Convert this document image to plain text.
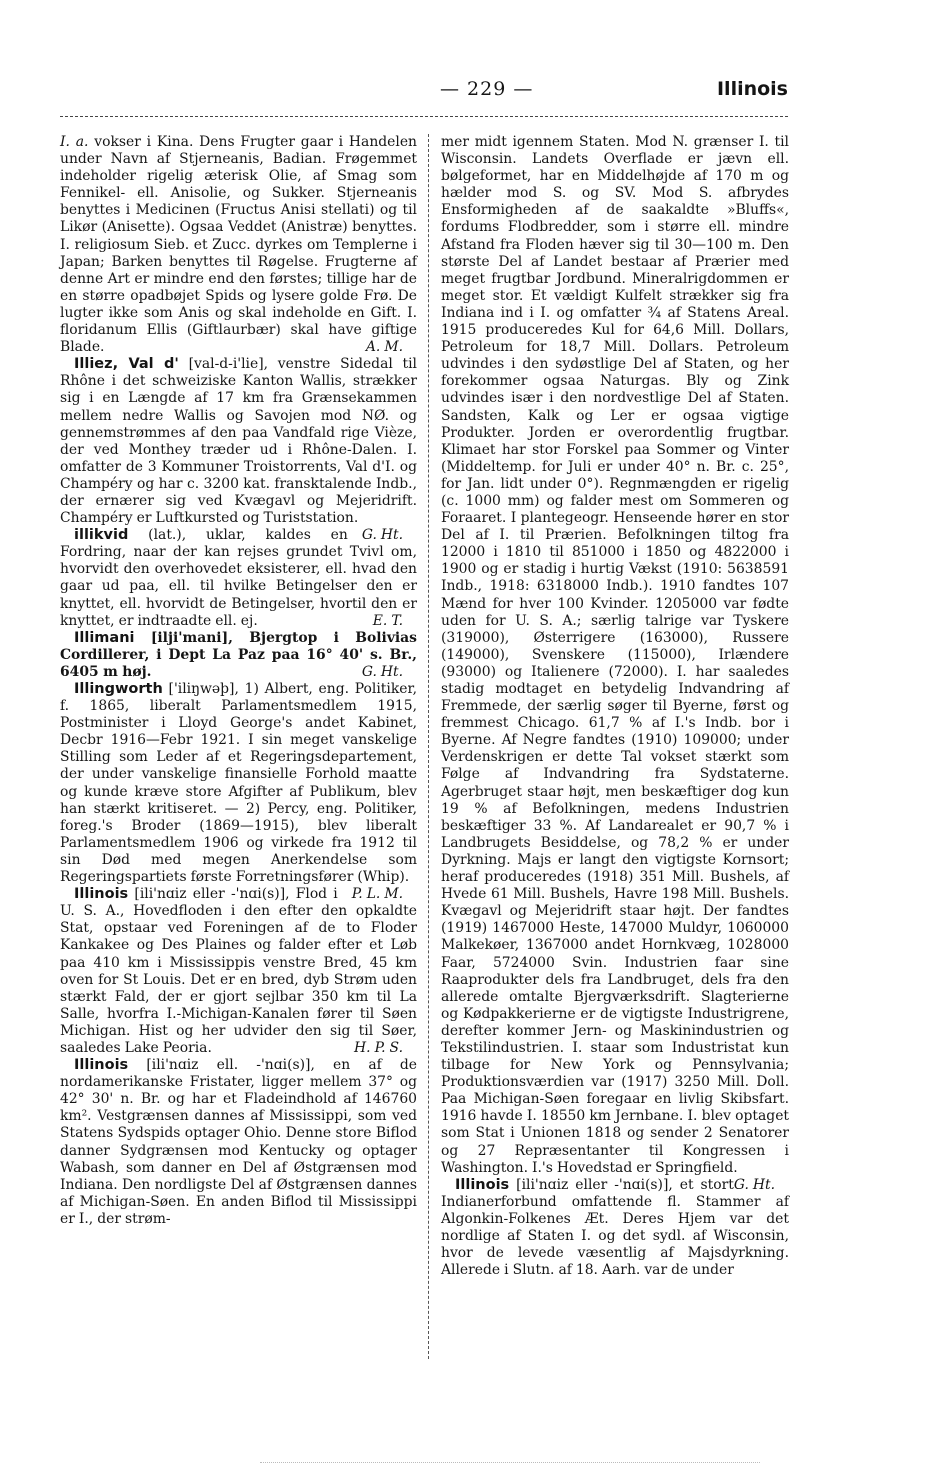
— 229 —	Illinois

I. a. vokser i Kina. Dens Frugter gaar i Handelen under Navn af Stjerneanis, Badian. Frøgemmet indeholder rigelig æterisk Olie, af Smag som Fennikel- ell. Anisolie, og Sukker. Stjerneanis benyttes i Medicinen (Fructus Anisi stellati) og til Likør (Anisette). Ogsaa Veddet (Anistræ) benyttes. I. religiosum Sieb. et Zucc. dyrkes om Templerne i Japan; Barken benyttes til Røgelse. Frugterne af denne Art er mindre end den førstes; tillige har de en større opadbøjet Spids og lysere golde Frø. De lugter ikke som Anis og skal indeholde en Gift. I. floridanum Ellis (Giftlaurbær) skal have giftige Blade.	A. M.

Illiez, Val d' [val-d-i'lie], venstre Sidedal til Rhône i det schweiziske Kanton Wallis, strækker sig i en Længde af 17 km fra Grænsekammen mellem nedre Wallis og Savojen mod NØ. og gennemstrømmes af den paa Vandfald rige Vièze, der ved Monthey træder ud i Rhône-Dalen. I. omfatter de 3 Kommuner Troistorrents, Val d'I. og Champéry og har c. 3200 kat. fransktalende Indb., der ernærer sig ved Kvægavl og Mejeridrift. Champéry er Luftkursted og Turiststation.
G. Ht.

illikvid (lat.), uklar, kaldes en Fordring, naar der kan rejses grundet Tvivl om, hvorvidt den overhovedet eksisterer, ell. hvad den gaar ud paa, ell. til hvilke Betingelser den er knyttet, ell. hvorvidt de Betingelser, hvortil den er knyttet, er indtraadte ell. ej.	E. T.

Illimani [ilji'mani], Bjergtop i Bolivias Cordillerer, i Dept La Paz paa 16° 40' s. Br., 6405 m høj.	G. Ht.

Illingworth ['iliŋwəþ], 1) Albert, eng. Politiker, f. 1865, liberalt Parlamentsmedlem 1915, Postminister i Lloyd George's andet Kabinet, Decbr 1916—Febr 1921. I sin meget vanskelige Stilling som Leder af et Regeringsdepartement, der under vanskelige finansielle Forhold maatte og kunde kræve store Afgifter af Publikum, blev han stærkt kritiseret. — 2) Percy, eng. Politiker, foreg.'s Broder (1869—1915), blev liberalt Parlamentsmedlem 1906 og virkede fra 1912 til sin Død med megen Anerkendelse som Regeringspartiets første Forretningsfører (Whip).
P. L. M.

Illinois [ili'nɑiz eller -'nɑi(s)], Flod i U. S. A., Hovedfloden i den efter den opkaldte Stat, opstaar ved Foreningen af de to Floder Kankakee og Des Plaines og falder efter et Løb paa 410 km i Mississippis venstre Bred, 45 km oven for St Louis. Det er en bred, dyb Strøm uden stærkt Fald, der er gjort sejlbar 350 km til La Salle, hvorfra I.-Michigan-Kanalen fører til Søen Michigan. Hist og her udvider den sig til Søer, saaledes Lake Peoria.	H. P. S.

Illinois [ili'nɑiz ell. -'nɑi(s)], en af de nordamerikanske Fristater, ligger mellem 37° og 42° 30' n. Br. og har et Fladeindhold af 146760 km². Vestgrænsen dannes af Mississippi, som ved Statens Sydspids optager Ohio. Denne store Biflod danner Sydgrænsen mod Kentucky og optager Wabash, som danner en Del af Østgrænsen mod Indiana. Den nordligste Del af Østgrænsen dannes af Michigan-Søen. En anden Biflod til Mississippi er I., der strøm-

mer midt igennem Staten. Mod N. grænser I. til Wisconsin. Landets Overflade er jævn ell. bølgeformet, har en Middelhøjde af 170 m og hælder mod S. og SV. Mod S. afbrydes Ensformigheden af de saakaldte »Bluffs«, fordums Flodbredder, som i større ell. mindre Afstand fra Floden hæver sig til 30—100 m. Den største Del af Landet bestaar af Prærier med meget frugtbar Jordbund. Mineralrigdommen er meget stor. Et vældigt Kulfelt strækker sig fra Indiana ind i I. og omfatter ¾ af Statens Areal. 1915 produceredes Kul for 64,6 Mill. Dollars, Petroleum for 18,7 Mill. Dollars. Petroleum udvindes i den sydøstlige Del af Staten, og her forekommer ogsaa Naturgas. Bly og Zink udvindes især i den nordvestlige Del af Staten. Sandsten, Kalk og Ler er ogsaa vigtige Produkter. Jorden er overordentlig frugtbar. Klimaet har stor Forskel paa Sommer og Vinter (Middeltemp. for Juli er under 40° n. Br. c. 25°, for Jan. lidt under 0°). Regnmængden er rigelig (c. 1000 mm) og falder mest om Sommeren og Foraaret. I plantegeogr. Henseende hører en stor Del af I. til Prærien. Befolkningen tiltog fra 12000 i 1810 til 851000 i 1850 og 4822000 i 1900 og er stadig i hurtig Vækst (1910: 5638591 Indb., 1918: 6318000 Indb.). 1910 fandtes 107 Mænd for hver 100 Kvinder. 1205000 var fødte uden for U. S. A.; særlig talrige var Tyskere (319000), Østerrigere (163000), Russere (149000), Svenskere (115000), Irlændere (93000) og Italienere (72000). I. har saaledes stadig modtaget en betydelig Indvandring af Fremmede, der særlig søger til Byerne, først og fremmest Chicago. 61,7 % af I.'s Indb. bor i Byerne. Af Negre fandtes (1910) 109000; under Verdenskrigen er dette Tal vokset stærkt som Følge af Indvandring fra Sydstaterne. Agerbruget staar højt, men beskæftiger dog kun 19 % af Befolkningen, medens Industrien beskæftiger 33 %. Af Landarealet er 90,7 % i Landbrugets Besiddelse, og 78,2 % er under Dyrkning. Majs er langt den vigtigste Kornsort; heraf produceredes (1918) 351 Mill. Bushels, af Hvede 61 Mill. Bushels, Havre 198 Mill. Bushels. Kvægavl og Mejeridrift staar højt. Der fandtes (1919) 1467000 Heste, 147000 Muldyr, 1060000 Malkekøer, 1367000 andet Hornkvæg, 1028000 Faar, 5724000 Svin. Industrien faar sine Raaprodukter dels fra Landbruget, dels fra den allerede omtalte Bjergværksdrift. Slagterierne og Kødpakkerierne er de vigtigste Industrigrene, derefter kommer Jern- og Maskinindustrien og Tekstilindustrien. I. staar som Industristat kun tilbage for New York og Pennsylvania; Produktionsværdien var (1917) 3250 Mill. Doll. Paa Michigan-Søen foregaar en livlig Skibsfart. 1916 havde I. 18550 km Jernbane. I. blev optaget som Stat i Unionen 1818 og sender 2 Senatorer og 27 Repræsentanter til Kongressen i Washington. I.'s Hovedstad er Springfield.
G. Ht.

Illinois [ili'nɑiz eller -'nɑi(s)], et stort Indianerforbund omfattende fl. Stammer af Algonkin-Folkenes Æt. Deres Hjem var det nordlige af Staten I. og det sydl. af Wisconsin, hvor de levede væsentlig af Majsdyrkning. Allerede i Slutn. af 18. Aarh. var de under
